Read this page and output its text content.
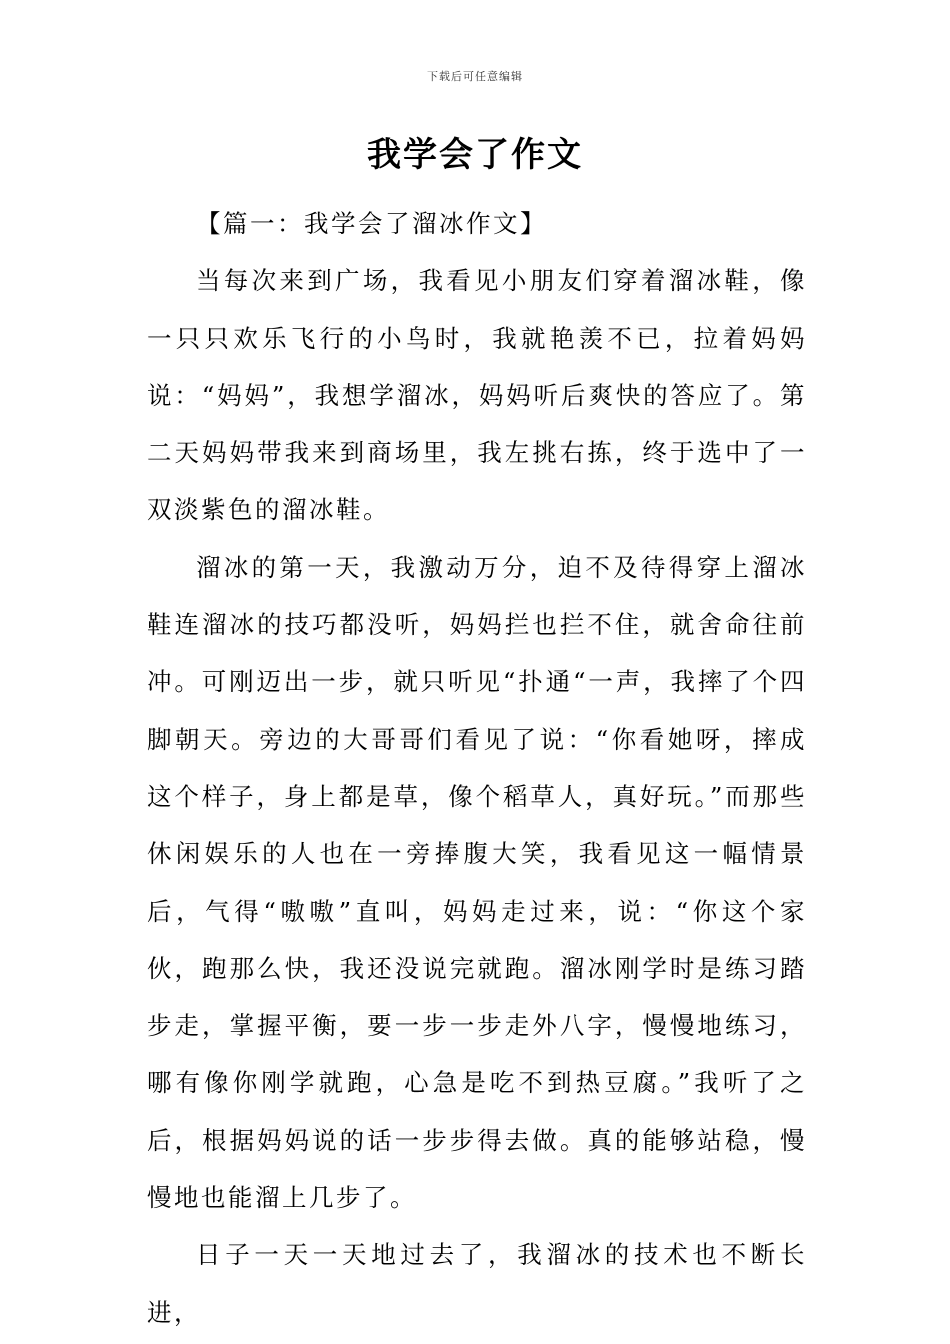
下载后可任意编辑
我学会了作文

【篇一：我学会了溜冰作文】

当每次来到广场，我看见小朋友们穿着溜冰鞋，像一只只欢乐飞行的小鸟时，我就艳羡不已，拉着妈妈说：“妈妈”，我想学溜冰，妈妈听后爽快的答应了。第二天妈妈带我来到商场里，我左挑右拣，终于选中了一双淡紫色的溜冰鞋。

溜冰的第一天，我激动万分，迫不及待得穿上溜冰鞋连溜冰的技巧都没听，妈妈拦也拦不住，就舍命往前冲。可刚迈出一步，就只听见“扑通“一声，我摔了个四脚朝天。旁边的大哥哥们看见了说：“你看她呀，摔成这个样子，身上都是草，像个稻草人，真好玩。”而那些休闲娱乐的人也在一旁捧腹大笑，我看见这一幅情景后，气得“嗷嗷”直叫，妈妈走过来，说：“你这个家伙，跑那么快，我还没说完就跑。溜冰刚学时是练习踏步走，掌握平衡，要一步一步走外八字，慢慢地练习，哪有像你刚学就跑，心急是吃不到热豆腐。”我听了之后，根据妈妈说的话一步步得去做。真的能够站稳，慢慢地也能溜上几步了。

日子一天一天地过去了，我溜冰的技术也不断长进，
